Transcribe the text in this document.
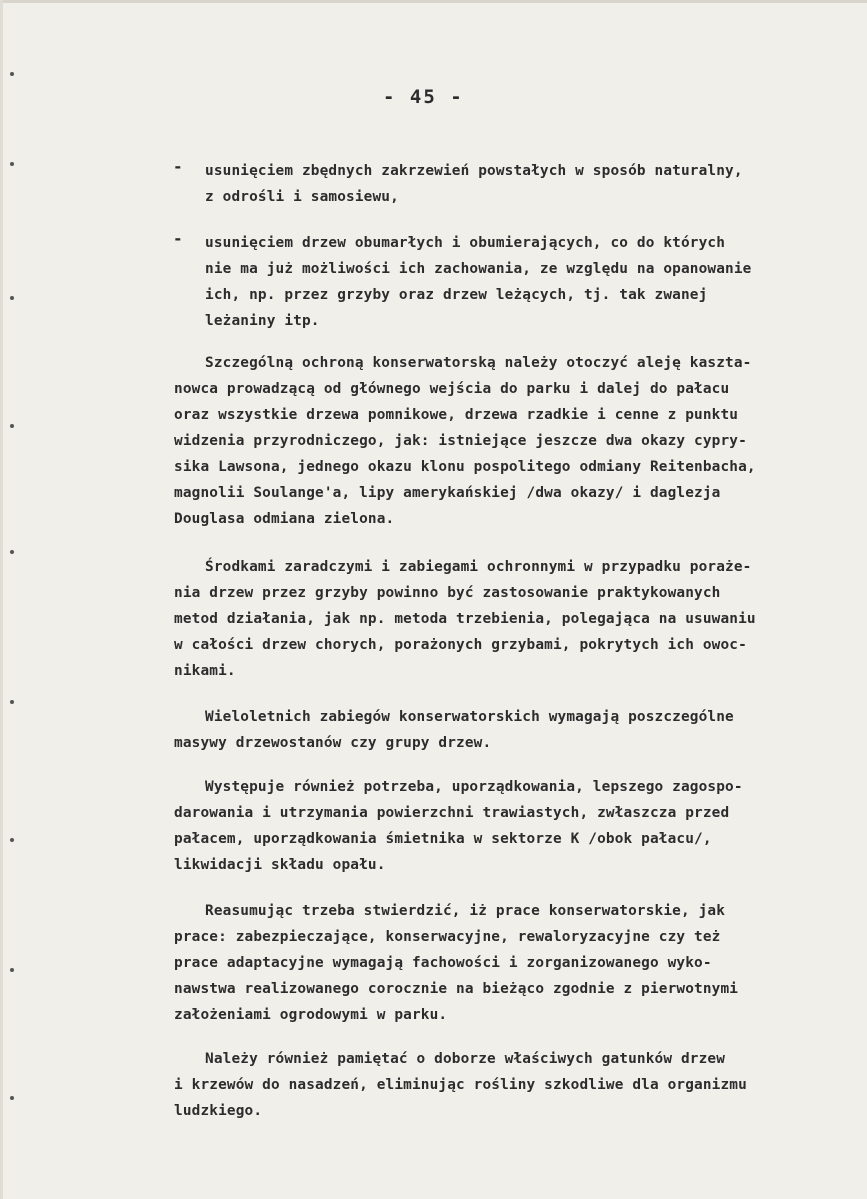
- 45 -
- usunięciem zbędnych zakrzewień powstałych w sposób naturalny,
z odrośli i samosiewu,
- usunięciem drzew obumarłych i obumierających, co do których
nie ma już możliwości ich zachowania, ze względu na opanowanie
ich, np. przez grzyby oraz drzew leżących, tj. tak zwanej
leżaniny itp.
Szczególną ochroną konserwatorską należy otoczyć aleję kaszta-
nowca prowadzącą od głównego wejścia do parku i dalej do pałacu
oraz wszystkie drzewa pomnikowe, drzewa rzadkie i cenne z punktu
widzenia przyrodniczego, jak: istniejące jeszcze dwa okazy cypry-
sika Lawsona, jednego okazu klonu pospolitego odmiany Reitenbacha,
magnolii Soulange'a, lipy amerykańskiej /dwa okazy/ i daglezja
Douglasa odmiana zielona.
Środkami zaradczymi i zabiegami ochronnymi w przypadku poraże-
nia drzew przez grzyby powinno być zastosowanie praktykowanych
metod działania, jak np. metoda trzebienia, polegająca na usuwaniu
w całości drzew chorych, porażonych grzybami, pokrytych ich owoc-
nikami.
Wieloletnich zabiegów konserwatorskich wymagają poszczególne
masywy drzewostanów czy grupy drzew.
Występuje również potrzeba, uporządkowania, lepszego zagospo-
darowania i utrzymania powierzchni trawiastych, zwłaszcza przed
pałacem, uporządkowania śmietnika w sektorze K /obok pałacu/,
likwidacji składu opału.
Reasumując trzeba stwierdzić, iż prace konserwatorskie, jak
prace: zabezpieczające, konserwacyjne, rewaloryzacyjne czy też
prace adaptacyjne wymagają fachowości i zorganizowanego wyko-
nawstwa realizowanego corocznie na bieżąco zgodnie z pierwotnymi
założeniami ogrodowymi w parku.
Należy również pamiętać o doborze właściwych gatunków drzew
i krzewów do nasadzeń, eliminując rośliny szkodliwe dla organizmu
ludzkiego.
